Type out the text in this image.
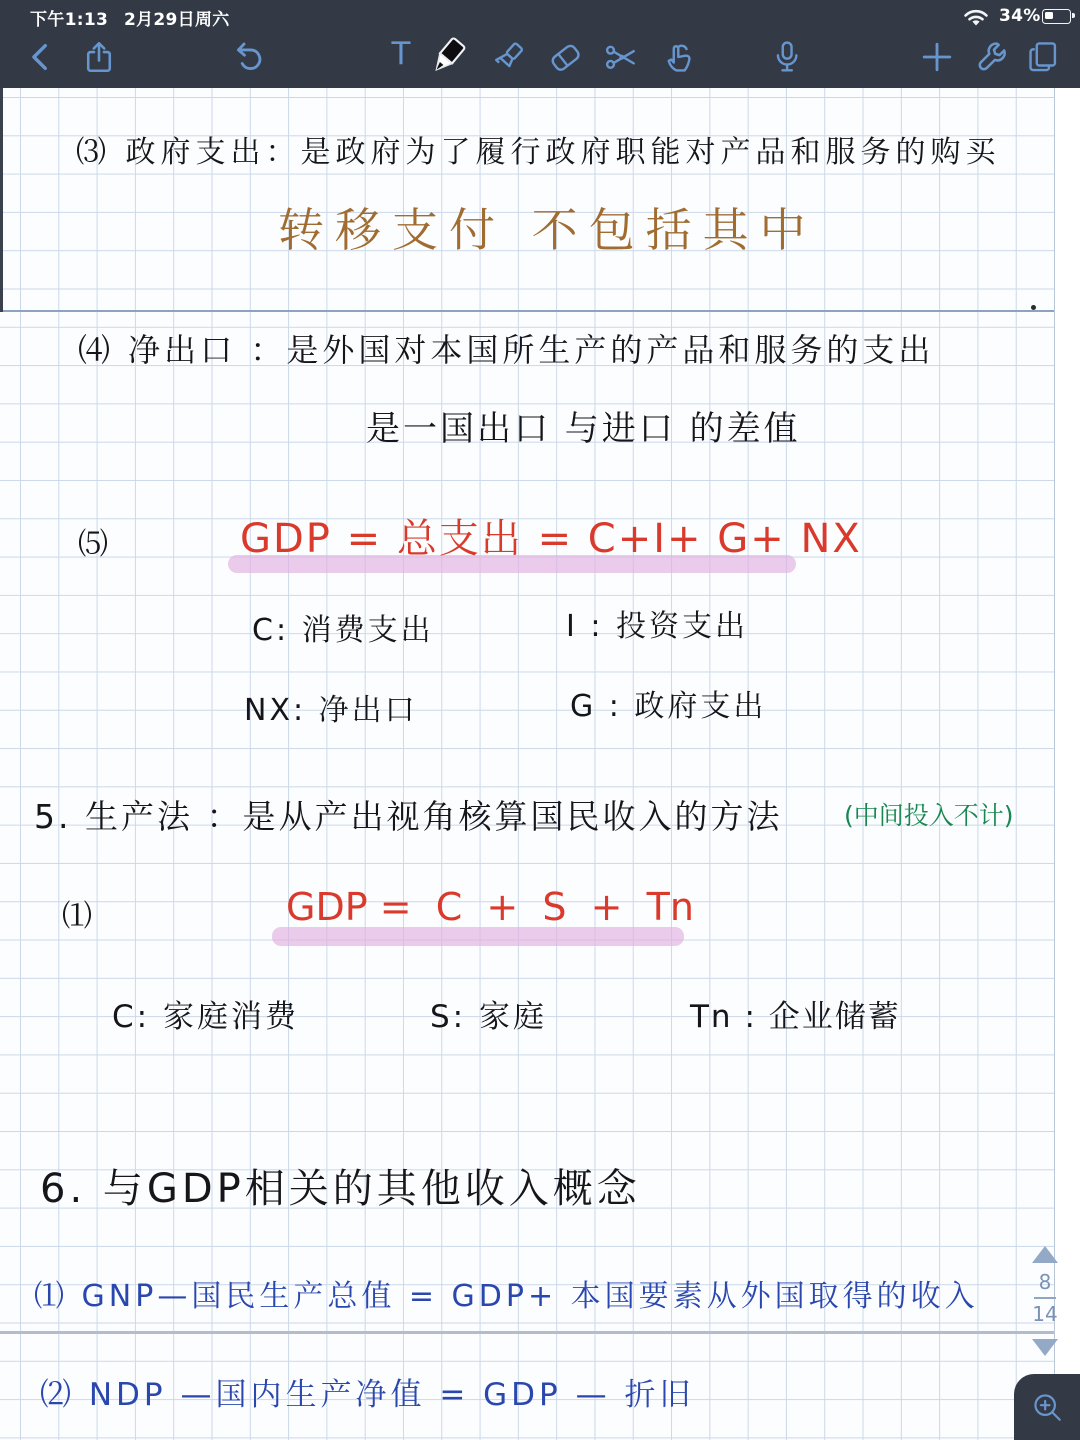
下午1:13 2月29日周六	34%
T
⑶ 政府支出：是政府为了履行政府职能对产品和服务的购买
转移支付 不包括其中
⑷ 净出口 ：是外国对本国所生产的产品和服务的支出
是一国出口 与进口 的差值
⑸	GDP = 总支出 = C+I+ G+ NX
C: 消费支出	I : 投资支出
NX: 净出口	G : 政府支出
5. 生产法 ：是从产出视角核算国民收入的方法 (中间投入不计)
⑴	GDP =  C  +  S  +  Tn
C: 家庭消费	S: 家庭	Tn : 企业储蓄
6. 与GDP相关的其他收入概念
⑴ GNP—国民生产总值 = GDP+ 本国要素从外国取得的收入
⑵ NDP —国内生产净值 = GDP — 折旧
8
14
